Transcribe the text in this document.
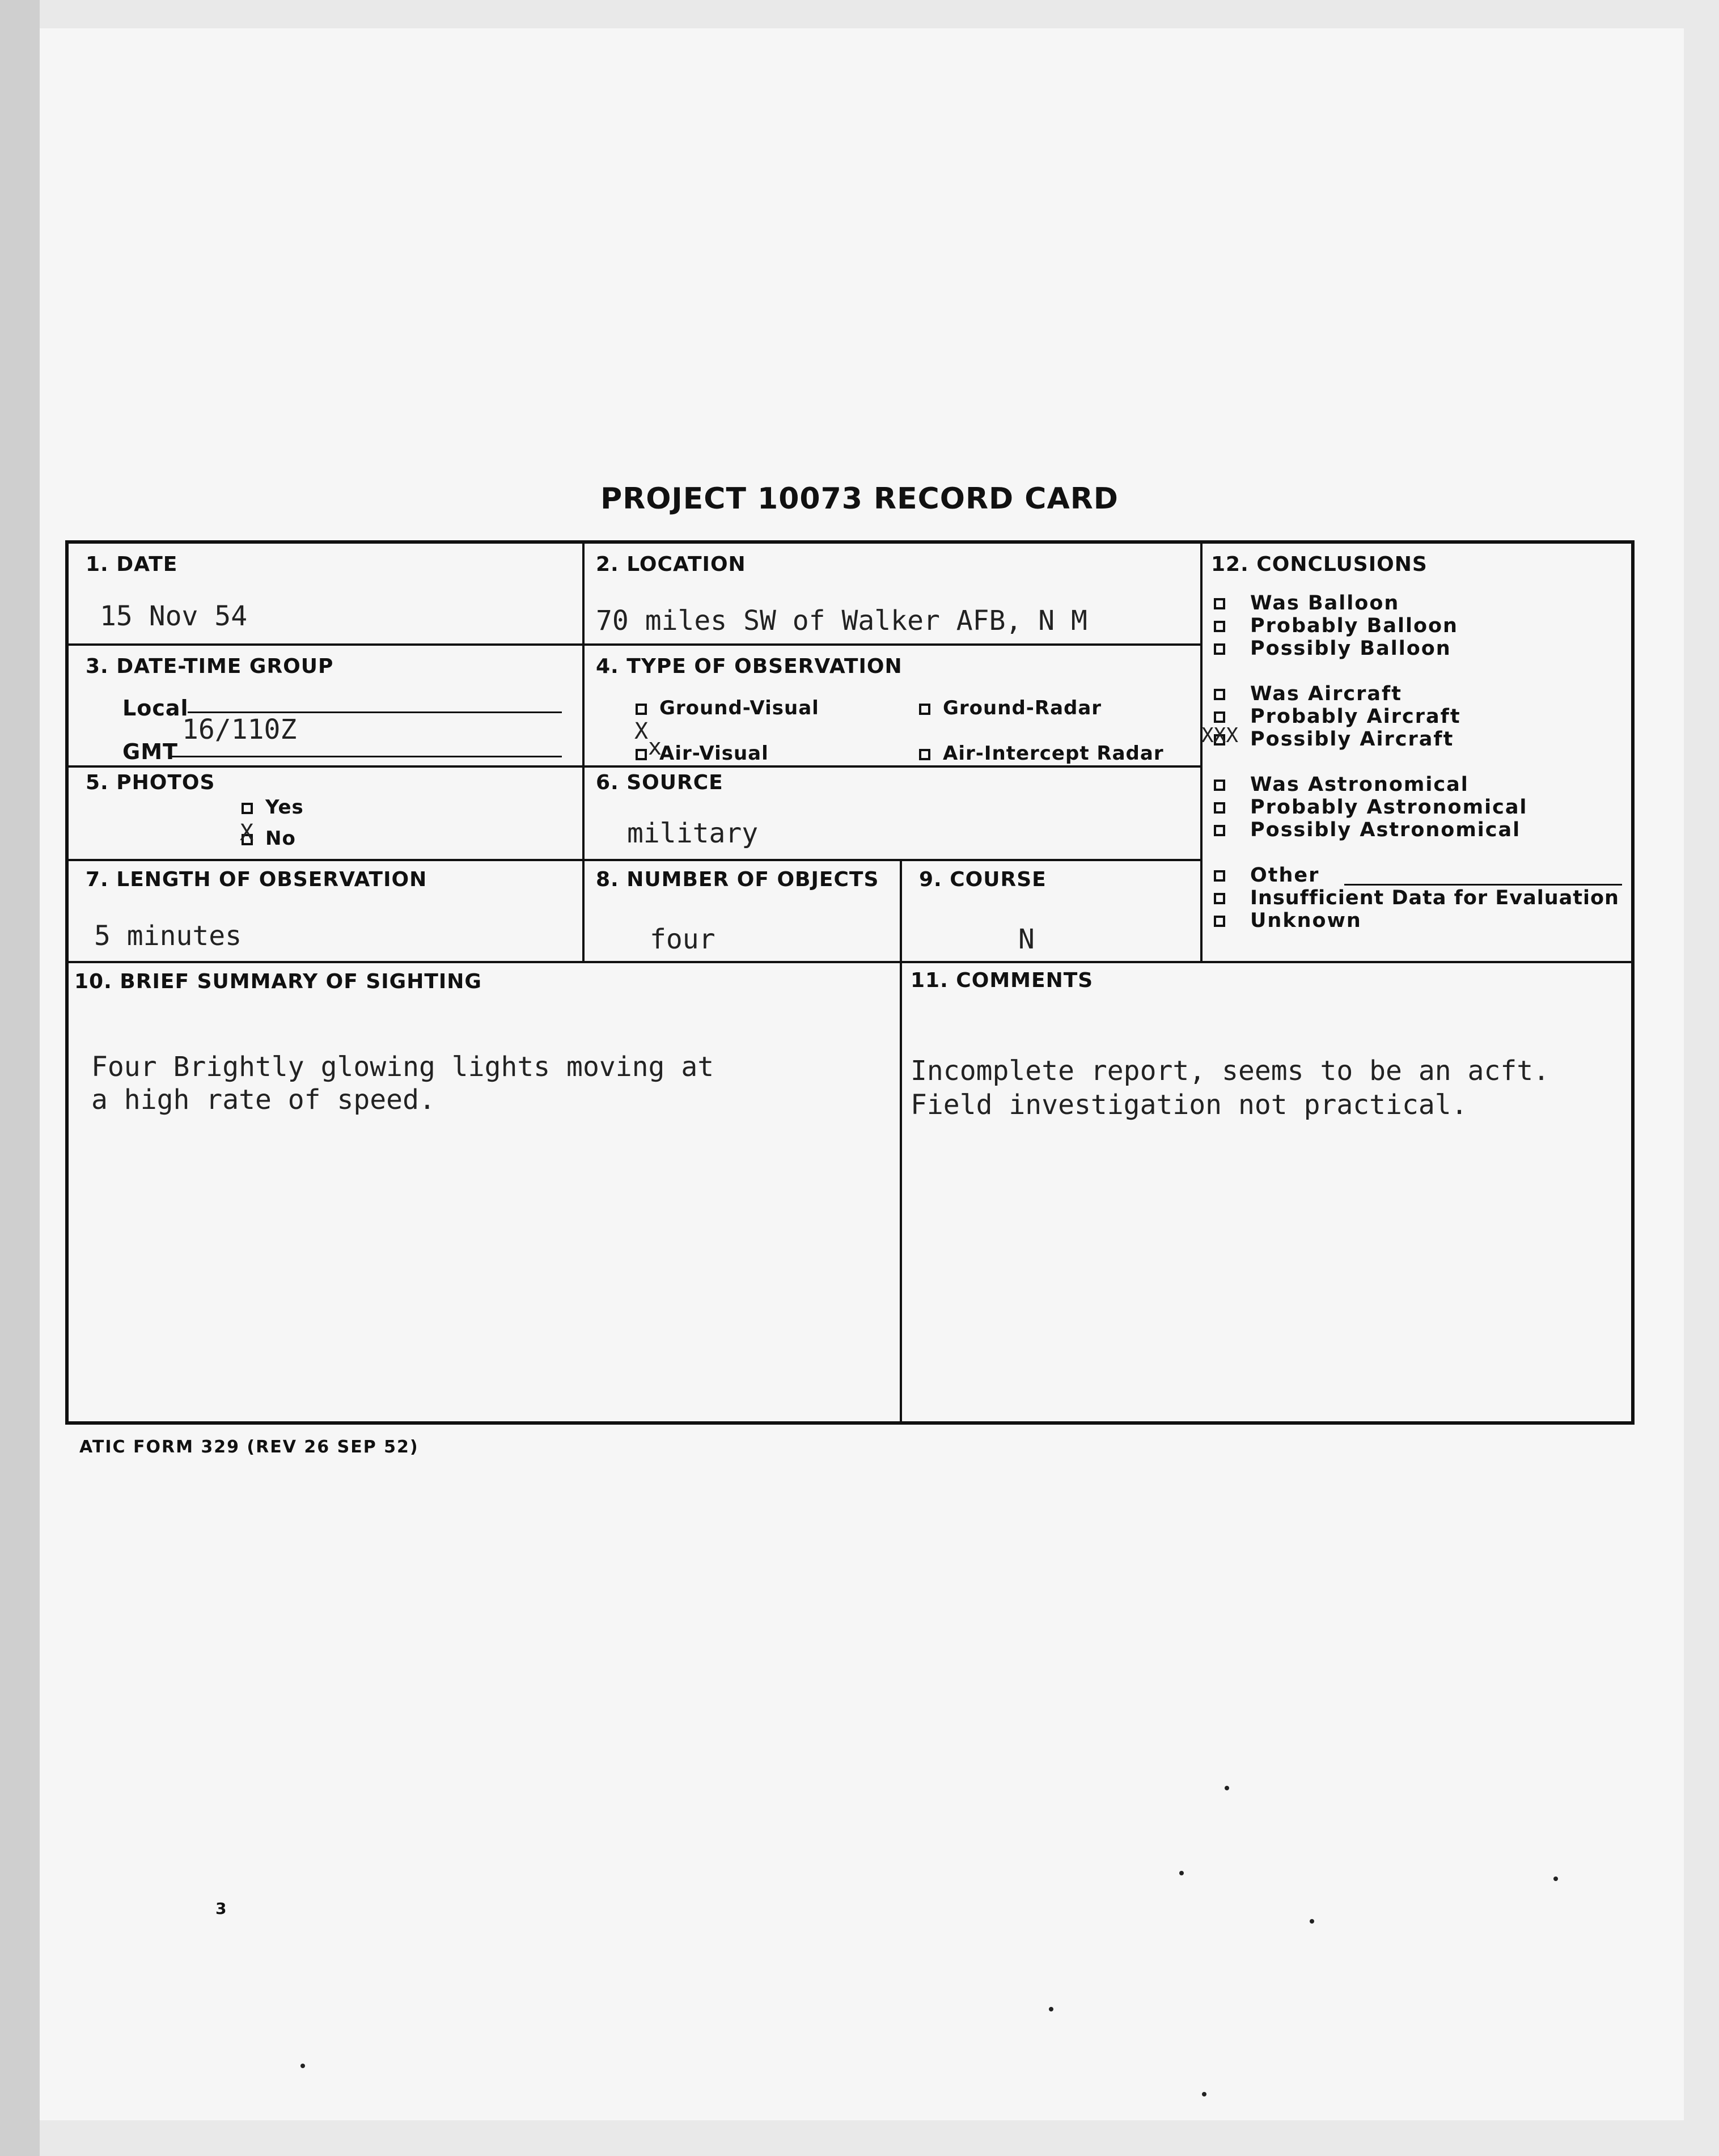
PROJECT 10073 RECORD CARD
1. DATE
15 Nov 54
2. LOCATION
70 miles SW of Walker AFB, N M
3. DATE-TIME GROUP
Local
GMT
16/110Z
4. TYPE OF OBSERVATION
Ground-Visual	Ground-Radar
Air-Visual
X
x	Air-Intercept Radar
5. PHOTOS
Yes
No
X
6. SOURCE
military
7. LENGTH OF OBSERVATION
5 minutes
8. NUMBER OF OBJECTS
four
9. COURSE
N
12. CONCLUSIONS
Was Balloon
Probably Balloon
Possibly Balloon
Was Aircraft
Probably Aircraft
Possibly Aircraft
XXX
Was Astronomical
Probably Astronomical
Possibly Astronomical
Other
Insufficient Data for Evaluation
Unknown
10. BRIEF SUMMARY OF SIGHTING
Four Brightly glowing lights moving at
a high rate of speed.
11. COMMENTS
Incomplete report, seems to be an acft.
Field investigation not practical.
ATIC FORM 329 (REV 26 SEP 52)
3
